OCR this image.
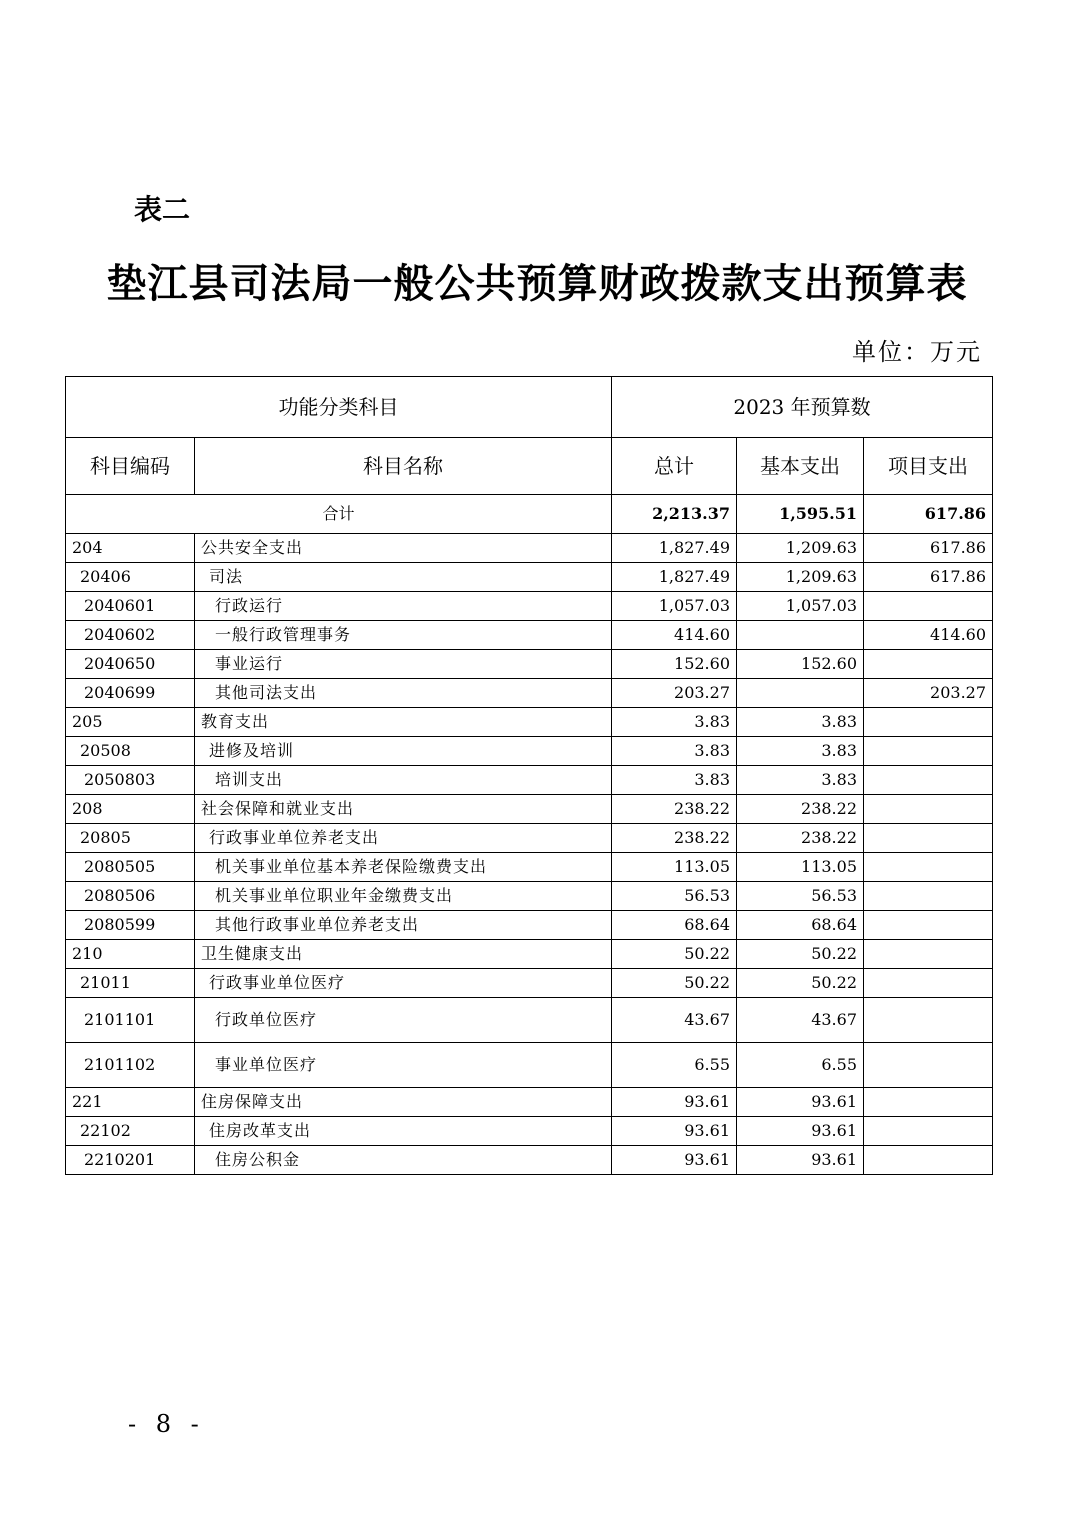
表二

垫江县司法局一般公共预算财政拨款支出预算表
单位：万元
功能分类科目		2023 年预算数		
科目编码	科目名称	总计	基本支出	项目支出
合计		2,213.37	1,595.51	617.86
204	公共安全支出	1,827.49	1,209.63	617.86
20406	司法	1,827.49	1,209.63	617.86
2040601	行政运行	1,057.03	1,057.03	
2040602	一般行政管理事务	414.60		414.60
2040650	事业运行	152.60	152.60	
2040699	其他司法支出	203.27		203.27
205	教育支出	3.83	3.83	
20508	进修及培训	3.83	3.83	
2050803	培训支出	3.83	3.83	
208	社会保障和就业支出	238.22	238.22	
20805	行政事业单位养老支出	238.22	238.22	
2080505	机关事业单位基本养老保险缴费支出	113.05	113.05	
2080506	机关事业单位职业年金缴费支出	56.53	56.53	
2080599	其他行政事业单位养老支出	68.64	68.64	
210	卫生健康支出	50.22	50.22	
21011	行政事业单位医疗	50.22	50.22	
2101101	行政单位医疗	43.67	43.67	
2101102	事业单位医疗	6.55	6.55	
221	住房保障支出	93.61	93.61	
22102	住房改革支出	93.61	93.61	
2210201	住房公积金	93.61	93.61	
- 8 -
